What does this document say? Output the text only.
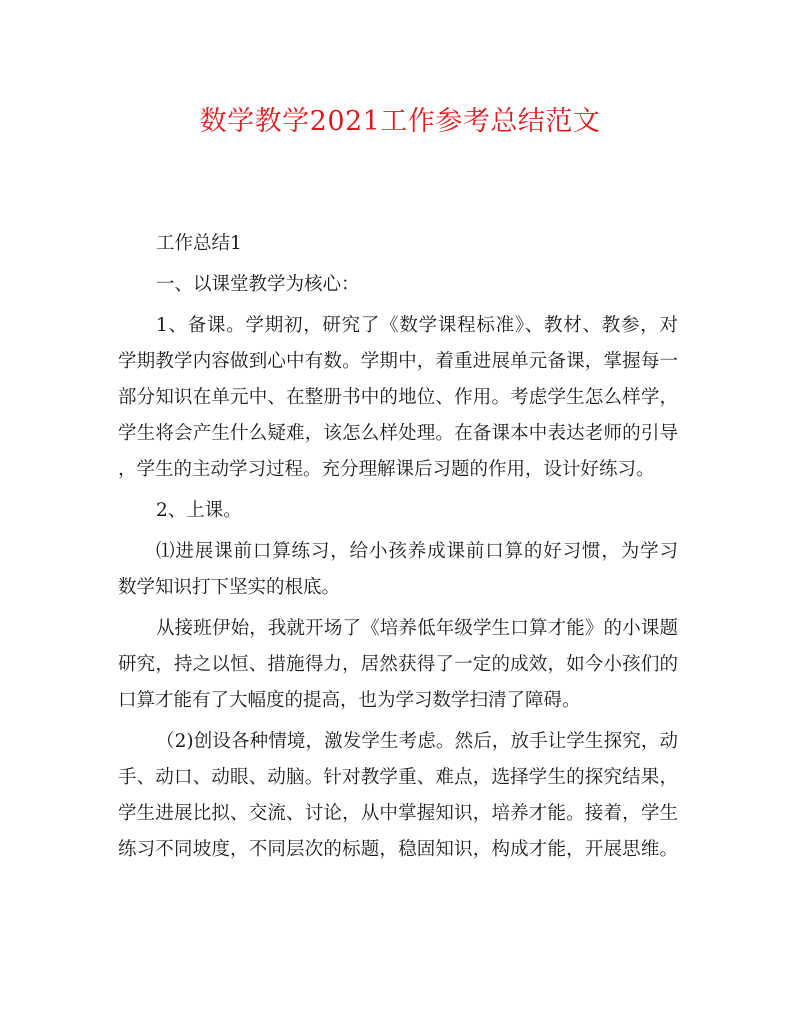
数学教学2021工作参考总结范文
工作总结1
一、以课堂教学为核心：
1、备课。学期初，研究了《数学课程标准》、教材、教参，对
学期教学内容做到心中有数。学期中，着重进展单元备课，掌握每一
部分知识在单元中、在整册书中的地位、作用。考虑学生怎么样学，
学生将会产生什么疑难，该怎么样处理。在备课本中表达老师的引导
，学生的主动学习过程。充分理解课后习题的作用，设计好练习。
2、上课。
⑴进展课前口算练习，给小孩养成课前口算的好习惯，为学习
数学知识打下坚实的根底。
从接班伊始，我就开场了《培养低年级学生口算才能》的小课题
研究，持之以恒、措施得力，居然获得了一定的成效，如今小孩们的
口算才能有了大幅度的提高，也为学习数学扫清了障碍。
（2)创设各种情境，激发学生考虑。然后，放手让学生探究，动
手、动口、动眼、动脑。针对教学重、难点，选择学生的探究结果，
学生进展比拟、交流、讨论，从中掌握知识，培养才能。接着，学生
练习不同坡度，不同层次的标题，稳固知识，构成才能，开展思维。
